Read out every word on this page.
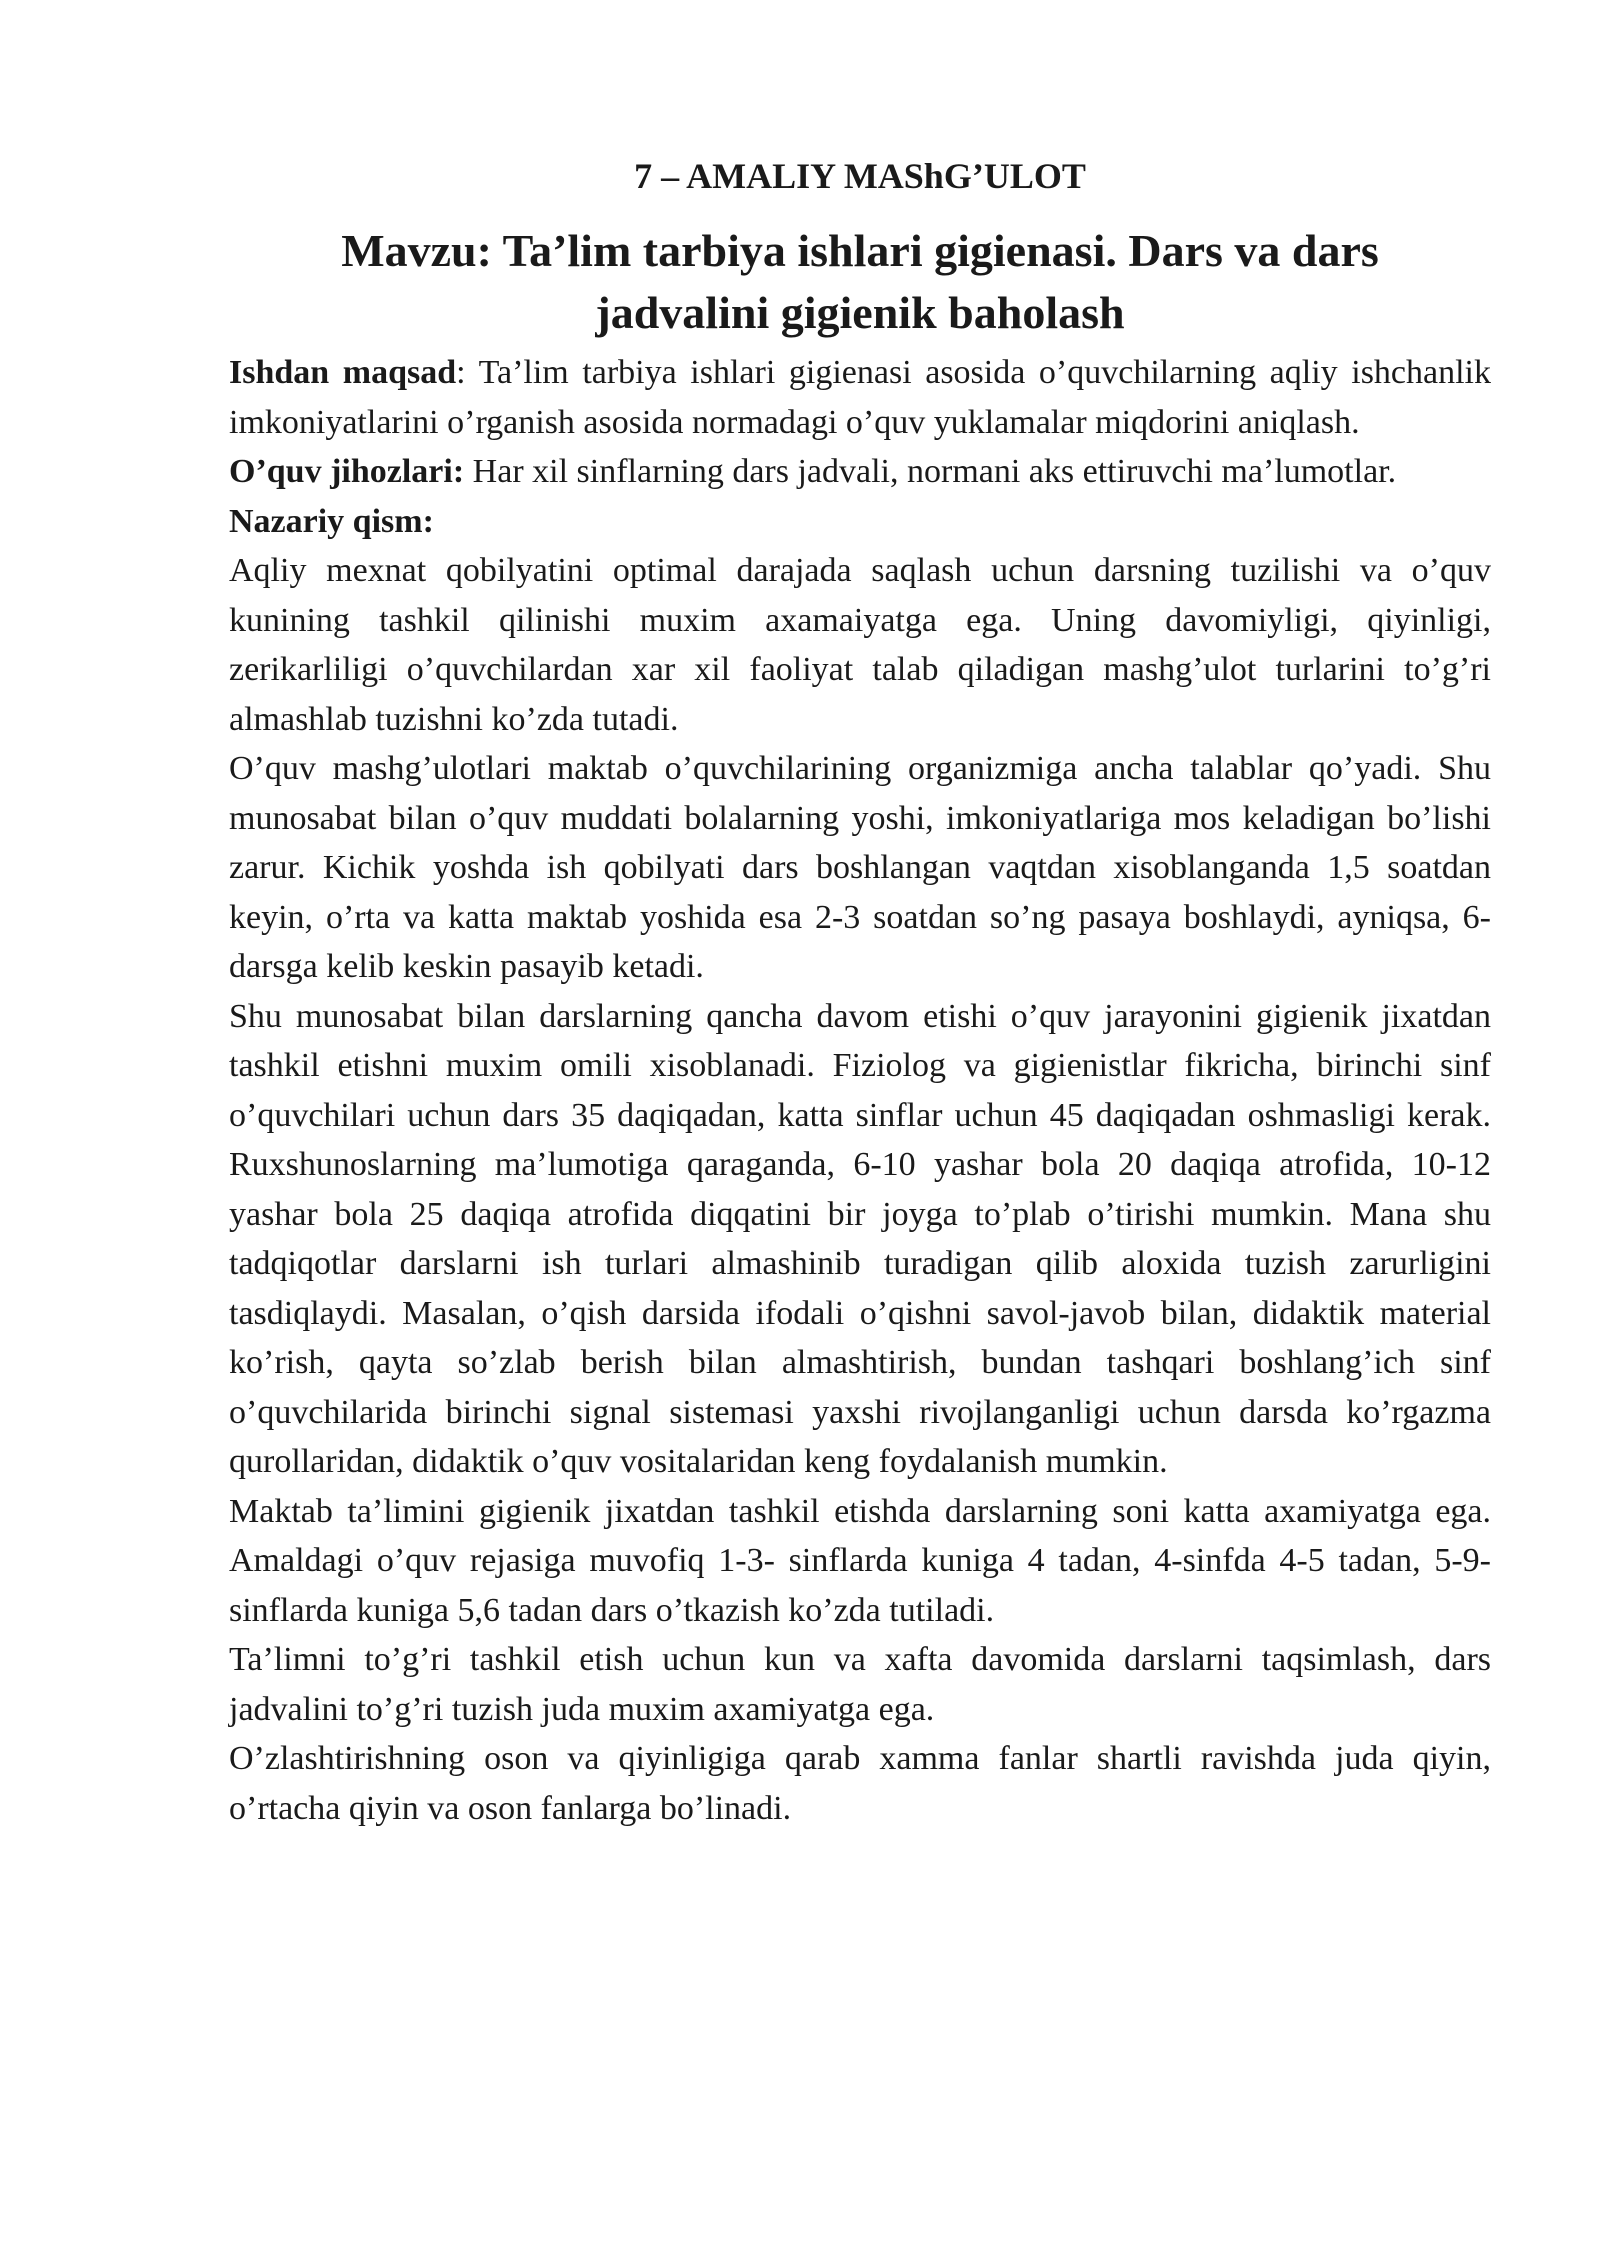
7 – AMALIY MAShG’ULOT
Mavzu: Ta’lim tarbiya ishlari gigienasi. Dars va dars
jadvalini gigienik baholash

Ishdan maqsad: Ta’lim tarbiya ishlari gigienasi asosida o’quvchilarning aqliy ishchanlik imkoniyatlarini o’rganish asosida normadagi o’quv yuklamalar miqdorini aniqlash.

O’quv jihozlari: Har xil sinflarning dars jadvali, normani aks ettiruvchi ma’lumotlar.

Nazariy qism:

Aqliy mexnat qobilyatini optimal darajada saqlash uchun darsning tuzilishi va o’quv kunining tashkil qilinishi muxim axamaiyatga ega. Uning davomiyligi, qiyinligi, zerikarliligi o’quvchilardan xar xil faoliyat talab qiladigan mashg’ulot turlarini to’g’ri almashlab tuzishni ko’zda tutadi.

O’quv mashg’ulotlari maktab o’quvchilarining organizmiga ancha talablar qo’yadi. Shu munosabat bilan o’quv muddati bolalarning yoshi, imkoniyatlariga mos keladigan bo’lishi zarur. Kichik yoshda ish qobilyati dars boshlangan vaqtdan xisoblanganda 1,5 soatdan keyin, o’rta va katta maktab yoshida esa 2-3 soatdan so’ng pasaya boshlaydi, ayniqsa, 6-darsga kelib keskin pasayib ketadi.

Shu munosabat bilan darslarning qancha davom etishi o’quv jarayonini gigienik jixatdan tashkil etishni muxim omili xisoblanadi. Fiziolog va gigienistlar fikricha, birinchi sinf o’quvchilari uchun dars 35 daqiqadan, katta sinflar uchun 45 daqiqadan oshmasligi kerak. Ruxshunoslarning ma’lumotiga qaraganda, 6-10 yashar bola 20 daqiqa atrofida, 10-12 yashar bola 25 daqiqa atrofida diqqatini bir joyga to’plab o’tirishi mumkin. Mana shu tadqiqotlar darslarni ish turlari almashinib turadigan qilib aloxida tuzish zarurligini tasdiqlaydi. Masalan, o’qish darsida ifodali o’qishni savol-javob bilan, didaktik material ko’rish, qayta so’zlab berish bilan almashtirish, bundan tashqari boshlang’ich sinf o’quvchilarida birinchi signal sistemasi yaxshi rivojlanganligi uchun darsda ko’rgazma qurollaridan, didaktik o’quv vositalaridan keng foydalanish mumkin.

Maktab ta’limini gigienik jixatdan tashkil etishda darslarning soni katta axamiyatga ega. Amaldagi o’quv rejasiga muvofiq 1-3- sinflarda kuniga 4 tadan, 4-sinfda 4-5 tadan, 5-9-sinflarda kuniga 5,6 tadan dars o’tkazish ko’zda tutiladi.

Ta’limni to’g’ri tashkil etish uchun kun va xafta davomida darslarni taqsimlash, dars jadvalini to’g’ri tuzish juda muxim axamiyatga ega.

O’zlashtirishning oson va qiyinligiga qarab xamma fanlar shartli ravishda juda qiyin, o’rtacha qiyin va oson fanlarga bo’linadi.
